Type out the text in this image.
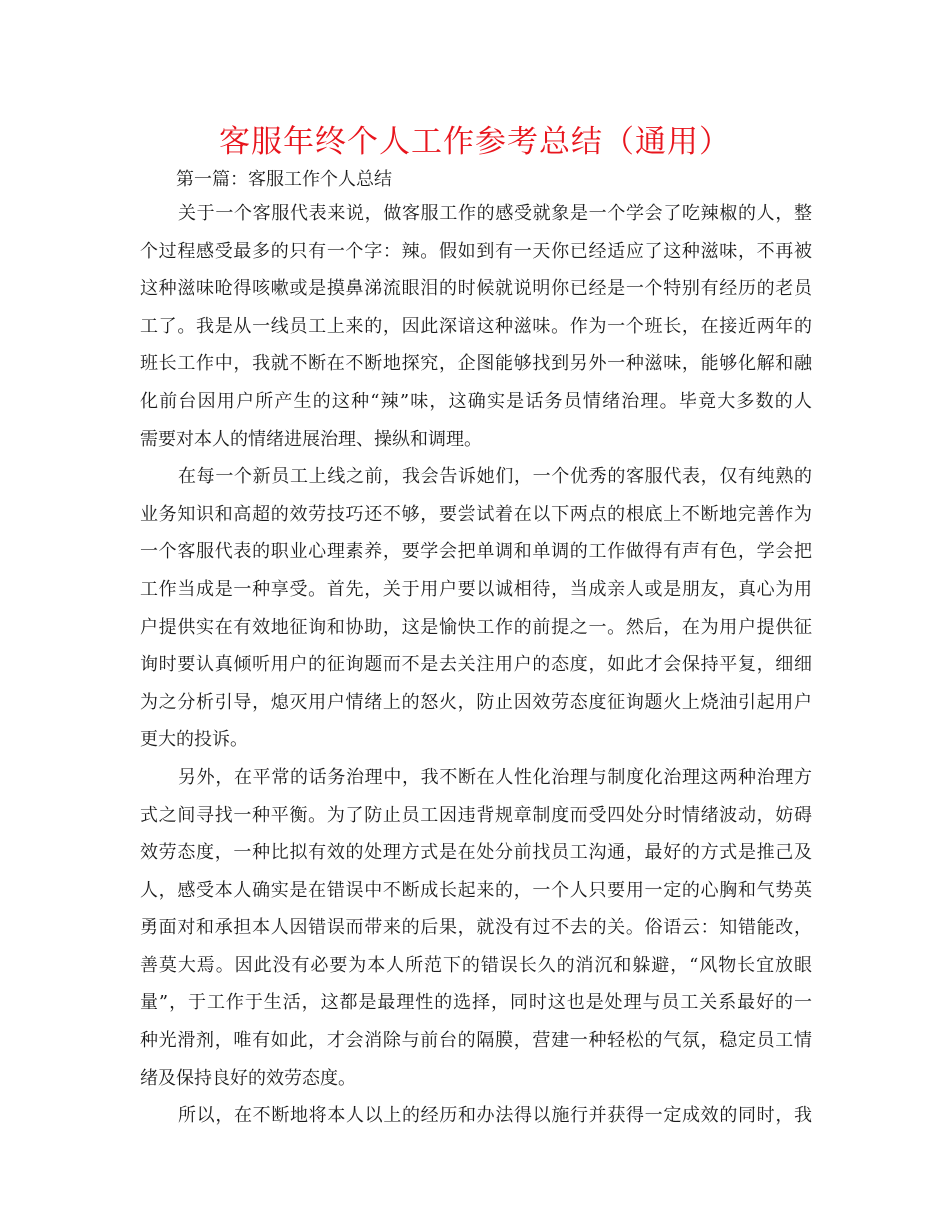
客服年终个人工作参考总结（通用）

第一篇：客服工作个人总结

关于一个客服代表来说，做客服工作的感受就象是一个学会了吃辣椒的人，整
个过程感受最多的只有一个字：辣。假如到有一天你已经适应了这种滋味，不再被
这种滋味呛得咳嗽或是摸鼻涕流眼泪的时候就说明你已经是一个特别有经历的老员
工了。我是从一线员工上来的，因此深谙这种滋味。作为一个班长，在接近两年的
班长工作中，我就不断在不断地探究，企图能够找到另外一种滋味，能够化解和融
化前台因用户所产生的这种“辣”味，这确实是话务员情绪治理。毕竟大多数的人
需要对本人的情绪进展治理、操纵和调理。

在每一个新员工上线之前，我会告诉她们，一个优秀的客服代表，仅有纯熟的
业务知识和高超的效劳技巧还不够，要尝试着在以下两点的根底上不断地完善作为
一个客服代表的职业心理素养，要学会把单调和单调的工作做得有声有色，学会把
工作当成是一种享受。首先，关于用户要以诚相待，当成亲人或是朋友，真心为用
户提供实在有效地征询和协助，这是愉快工作的前提之一。然后，在为用户提供征
询时要认真倾听用户的征询题而不是去关注用户的态度，如此才会保持平复，细细
为之分析引导，熄灭用户情绪上的怒火，防止因效劳态度征询题火上烧油引起用户
更大的投诉。

另外，在平常的话务治理中，我不断在人性化治理与制度化治理这两种治理方
式之间寻找一种平衡。为了防止员工因违背规章制度而受四处分时情绪波动，妨碍
效劳态度，一种比拟有效的处理方式是在处分前找员工沟通，最好的方式是推己及
人，感受本人确实是在错误中不断成长起来的，一个人只要用一定的心胸和气势英
勇面对和承担本人因错误而带来的后果，就没有过不去的关。俗语云：知错能改，
善莫大焉。因此没有必要为本人所范下的错误长久的消沉和躲避，“风物长宜放眼
量”，于工作于生活，这都是最理性的选择，同时这也是处理与员工关系最好的一
种光滑剂，唯有如此，才会消除与前台的隔膜，营建一种轻松的气氛，稳定员工情
绪及保持良好的效劳态度。

所以，在不断地将本人以上的经历和办法得以施行并获得一定成效的同时，我
